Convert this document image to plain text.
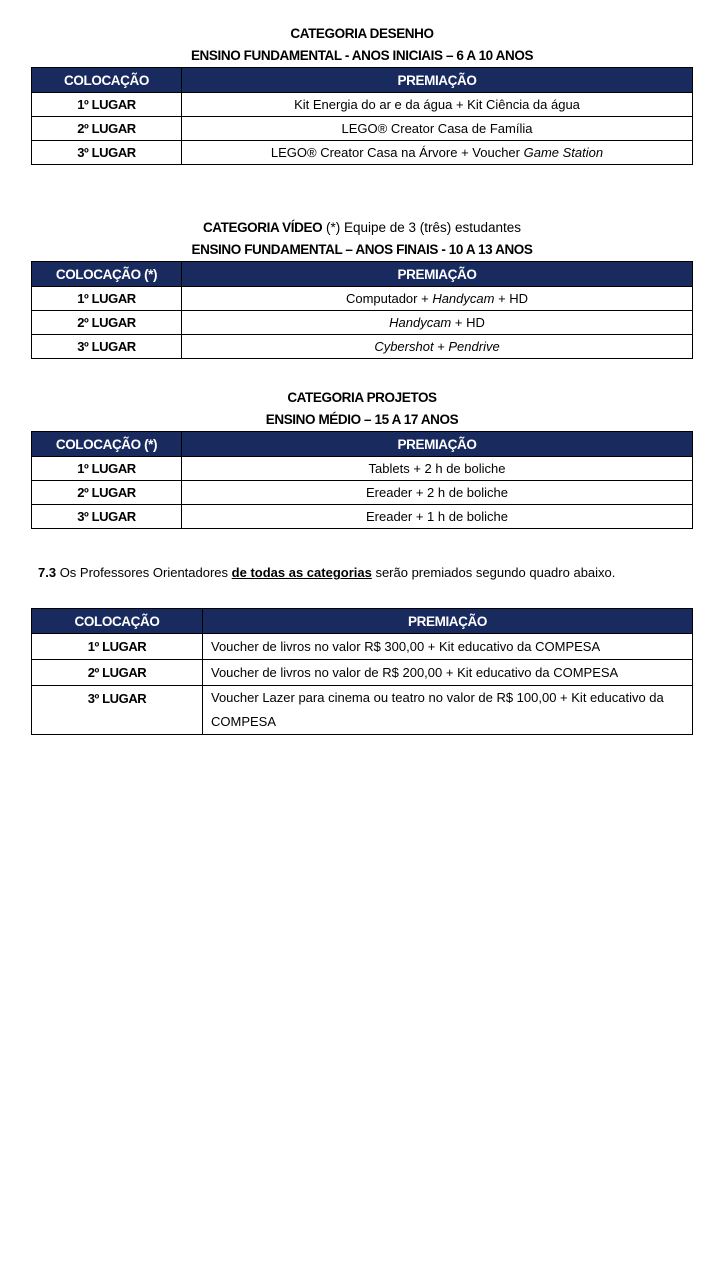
CATEGORIA DESENHO
ENSINO FUNDAMENTAL - ANOS INICIAIS – 6 A 10 ANOS
COLOCAÇÃO	PREMIAÇÃO
1º LUGAR	Kit Energia do ar e da água + Kit Ciência da água
2º LUGAR	LEGO® Creator Casa de Família
3º LUGAR	LEGO® Creator Casa na Árvore + Voucher Game Station
CATEGORIA VÍDEO (*) Equipe de 3 (três) estudantes
ENSINO FUNDAMENTAL – ANOS FINAIS - 10 A 13 ANOS
COLOCAÇÃO (*)	PREMIAÇÃO
1º LUGAR	Computador + Handycam + HD
2º LUGAR	Handycam + HD
3º LUGAR	Cybershot + Pendrive
CATEGORIA PROJETOS
ENSINO MÉDIO – 15 A 17 ANOS
COLOCAÇÃO (*)	PREMIAÇÃO
1º LUGAR	Tablets + 2 h de boliche
2º LUGAR	Ereader + 2 h de boliche
3º LUGAR	Ereader + 1 h de boliche
7.3 Os Professores Orientadores de todas as categorias serão premiados segundo quadro abaixo.
COLOCAÇÃO	PREMIAÇÃO
1º LUGAR	Voucher de livros no valor R$ 300,00 + Kit educativo da COMPESA
2º LUGAR	Voucher de livros no valor de R$ 200,00 + Kit educativo da COMPESA
3º LUGAR	Voucher Lazer para cinema ou teatro no valor de R$ 100,00 + Kit educativo da COMPESA
